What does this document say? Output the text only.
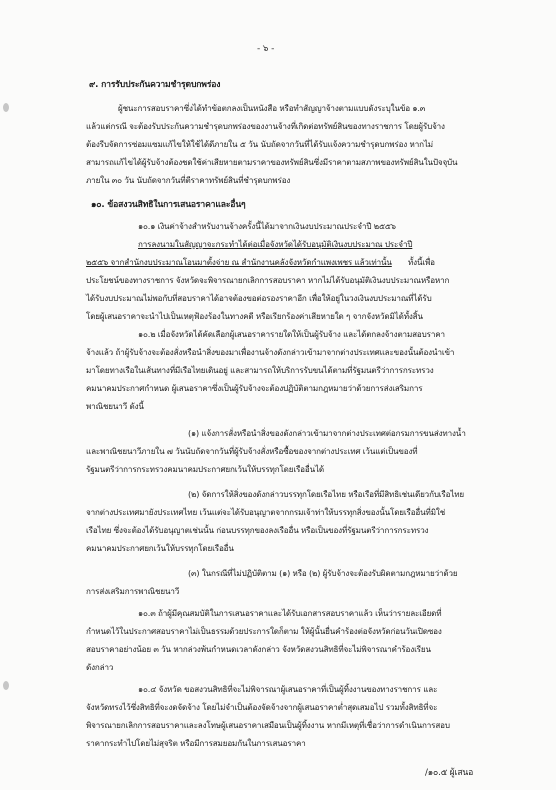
- ๖ -
๙. การรับประกันความชำรุดบกพร่อง
ผู้ชนะการสอบราคาซึ่งได้ทำข้อตกลงเป็นหนังสือ หรือทำสัญญาจ้างตามแบบดังระบุในข้อ ๑.๓
แล้วแต่กรณี จะต้องรับประกันความชำรุดบกพร่องของงานจ้างที่เกิดต่อทรัพย์สินของทางราชการ โดยผู้รับจ้าง
ต้องรีบจัดการซ่อมแซมแก้ไขให้ใช้ได้ดีภายใน ๕ วัน นับถัดจากวันที่ได้รับแจ้งความชำรุดบกพร่อง หากไม่
สามารถแก้ไขได้ผู้รับจ้างต้องชดใช้ค่าเสียหายตามราคาของทรัพย์สินซึ่งมีราคาตามสภาพของทรัพย์สินในปัจจุบัน
ภายใน ๓๐ วัน นับถัดจากวันที่ตีราคาทรัพย์สินที่ชำรุดบกพร่อง
๑๐. ข้อสงวนสิทธิในการเสนอราคาและอื่นๆ
๑๐.๑ เงินค่าจ้างสำหรับงานจ้างครั้งนี้ได้มาจากเงินงบประมาณประจำปี ๒๕๕๖
การลงนามในสัญญาจะกระทำได้ต่อเมื่อจังหวัดได้รับอนุมัติเงินงบประมาณ ประจำปี
๒๕๕๖ จากสำนักงบประมาณโอนมาตั้งจ่าย ณ สำนักงานคลังจังหวัดกำแพงเพชร แล้วเท่านั้น ทั้งนี้เพื่อ
ประโยชน์ของทางราชการ จังหวัดจะพิจารณายกเลิกการสอบราคา หากไม่ได้รับอนุมัติเงินงบประมาณหรือหาก
ได้รับงบประมาณไม่พอกับที่สอบราคาได้อาจต้องขอต่อรองราคาอีก เพื่อให้อยู่ในวงเงินงบประมาณที่ได้รับ
โดยผู้เสนอราคาจะนำไปเป็นเหตุฟ้องร้องในทางคดี หรือเรียกร้องค่าเสียหายใด ๆ จากจังหวัดมิได้ทั้งสิ้น
๑๐.๒ เมื่อจังหวัดได้คัดเลือกผู้เสนอราคารายใดให้เป็นผู้รับจ้าง และได้ตกลงจ้างตามสอบราคา
จ้างแล้ว ถ้าผู้รับจ้างจะต้องสั่งหรือนำสิ่งของมาเพื่องานจ้างดังกล่าวเข้ามาจากต่างประเทศและของนั้นต้องนำเข้า
มาโดยทางเรือในเส้นทางที่มีเรือไทยเดินอยู่ และสามารถให้บริการรับขนได้ตามที่รัฐมนตรีว่าการกระทรวง
คมนาคมประกาศกำหนด ผู้เสนอราคาซึ่งเป็นผู้รับจ้างจะต้องปฏิบัติตามกฎหมายว่าด้วยการส่งเสริมการ
พาณิชยนาวี ดังนี้
(๑) แจ้งการสั่งหรือนำสิ่งของดังกล่าวเข้ามาจากต่างประเทศต่อกรมการขนส่งทางน้ำ
และพาณิชยนาวีภายใน ๗ วันนับถัดจากวันที่ผู้รับจ้างสั่งหรือซื้อของจากต่างประเทศ เว้นแต่เป็นของที่
รัฐมนตรีว่าการกระทรวงคมนาคมประกาศยกเว้นให้บรรทุกโดยเรืออื่นได้
(๒) จัดการให้สิ่งของดังกล่าวบรรทุกโดยเรือไทย หรือเรือที่มีสิทธิเช่นเดียวกับเรือไทย
จากต่างประเทศมายังประเทศไทย เว้นแต่จะได้รับอนุญาตจากกรมเจ้าท่าให้บรรทุกสิ่งของนั้นโดยเรืออื่นที่มิใช่
เรือไทย ซึ่งจะต้องได้รับอนุญาตเช่นนั้น ก่อนบรรทุกของลงเรืออื่น หรือเป็นของที่รัฐมนตรีว่าการกระทรวง
คมนาคมประกาศยกเว้นให้บรรทุกโดยเรืออื่น
(๓) ในกรณีที่ไม่ปฏิบัติตาม (๑) หรือ (๒) ผู้รับจ้างจะต้องรับผิดตามกฎหมายว่าด้วย
การส่งเสริมการพาณิชยนาวี
๑๐.๓ ถ้าผู้มีคุณสมบัติในการเสนอราคาและได้รับเอกสารสอบราคาแล้ว เห็นว่ารายละเอียดที่
กำหนดไว้ในประกาศสอบราคาไม่เป็นธรรมด้วยประการใดก็ตาม ให้ผู้นั้นยื่นคำร้องต่อจังหวัดก่อนวันเปิดซอง
สอบราคาอย่างน้อย ๓ วัน หากล่วงพ้นกำหนดเวลาดังกล่าว จังหวัดสงวนสิทธิที่จะไม่พิจารณาคำร้องเรียน
ดังกล่าว
๑๐.๔ จังหวัด ขอสงวนสิทธิที่จะไม่พิจารณาผู้เสนอราคาที่เป็นผู้ทิ้งงานของทางราชการ และ
จังหวัดทรงไว้ซึ่งสิทธิที่จะงดจัดจ้าง โดยไม่จำเป็นต้องจัดจ้างจากผู้เสนอราคาต่ำสุดเสมอไป รวมทั้งสิทธิที่จะ
พิจารณายกเลิกการสอบราคาและลงโทษผู้เสนอราคาเสมือนเป็นผู้ทิ้งงาน หากมีเหตุที่เชื่อว่าการดำเนินการสอบ
ราคากระทำไปโดยไม่สุจริต หรือมีการสมยอมกันในการเสนอราคา
/๑๐.๕ ผู้เสนอ
